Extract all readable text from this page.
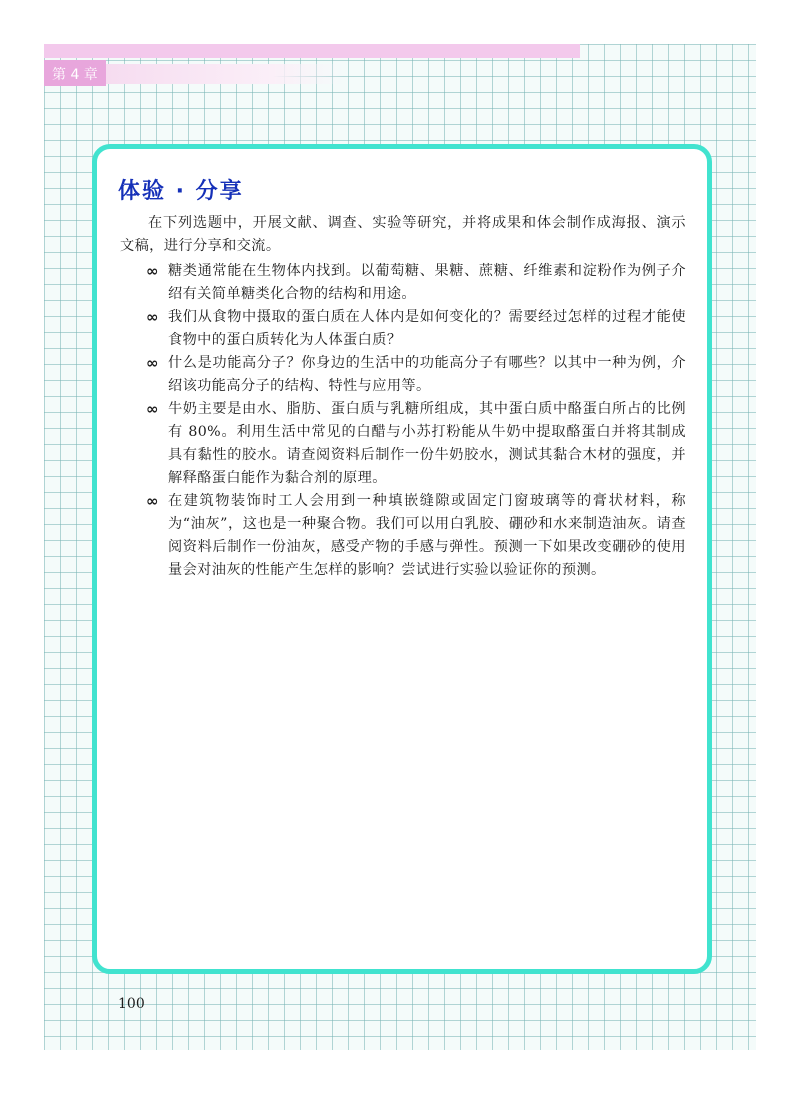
第 4 章
体验 · 分享

在下列选题中，开展文献、调查、实验等研究，并将成果和体会制作成海报、演示文稿，进行分享和交流。

∞ 糖类通常能在生物体内找到。以葡萄糖、果糖、蔗糖、纤维素和淀粉作为例子介绍有关简单糖类化合物的结构和用途。
∞ 我们从食物中摄取的蛋白质在人体内是如何变化的？需要经过怎样的过程才能使食物中的蛋白质转化为人体蛋白质？
∞ 什么是功能高分子？你身边的生活中的功能高分子有哪些？以其中一种为例，介绍该功能高分子的结构、特性与应用等。
∞ 牛奶主要是由水、脂肪、蛋白质与乳糖所组成，其中蛋白质中酪蛋白所占的比例有 80%。利用生活中常见的白醋与小苏打粉能从牛奶中提取酪蛋白并将其制成具有黏性的胶水。请查阅资料后制作一份牛奶胶水，测试其黏合木材的强度，并解释酪蛋白能作为黏合剂的原理。
∞ 在建筑物装饰时工人会用到一种填嵌缝隙或固定门窗玻璃等的膏状材料，称为“油灰”，这也是一种聚合物。我们可以用白乳胶、硼砂和水来制造油灰。请查阅资料后制作一份油灰，感受产物的手感与弹性。预测一下如果改变硼砂的使用量会对油灰的性能产生怎样的影响？尝试进行实验以验证你的预测。
100
